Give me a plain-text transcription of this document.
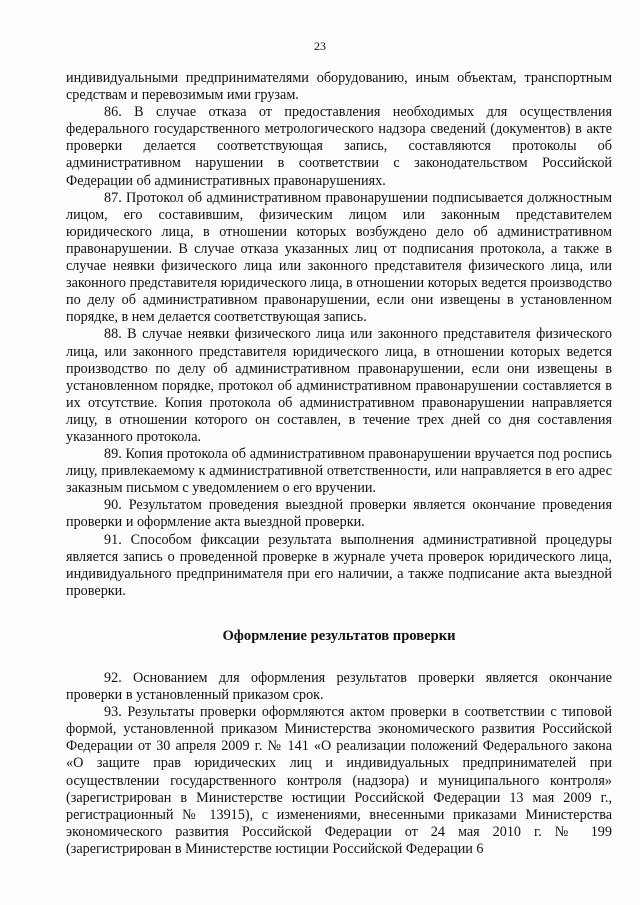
23

индивидуальными предпринимателями оборудованию, иным объектам, транспортным средствам и перевозимым ими грузам.

86. В случае отказа от предоставления необходимых для осуществления федерального государственного метрологического надзора сведений (документов) в акте проверки делается соответствующая запись, составляются протоколы об административном нарушении в соответствии с законодательством Российской Федерации об административных правонарушениях.

87. Протокол об административном правонарушении подписывается должностным лицом, его составившим, физическим лицом или законным представителем юридического лица, в отношении которых возбуждено дело об административном правонарушении. В случае отказа указанных лиц от подписания протокола, а также в случае неявки физического лица или законного представителя физического лица, или законного представителя юридического лица, в отношении которых ведется производство по делу об административном правонарушении, если они извещены в установленном порядке, в нем делается соответствующая запись.

88. В случае неявки физического лица или законного представителя физического лица, или законного представителя юридического лица, в отношении которых ведется производство по делу об административном правонарушении, если они извещены в установленном порядке, протокол об административном правонарушении составляется в их отсутствие. Копия протокола об административном правонарушении направляется лицу, в отношении которого он составлен, в течение трех дней со дня составления указанного протокола.

89. Копия протокола об административном правонарушении вручается под роспись лицу, привлекаемому к административной ответственности, или направляется в его адрес заказным письмом с уведомлением о его вручении.

90. Результатом проведения выездной проверки является окончание проведения проверки и оформление акта выездной проверки.

91. Способом фиксации результата выполнения административной процедуры является запись о проведенной проверке в журнале учета проверок юридического лица, индивидуального предпринимателя при его наличии, а также подписание акта выездной проверки.

Оформление результатов проверки

92. Основанием для оформления результатов проверки является окончание проверки в установленный приказом срок.

93. Результаты проверки оформляются актом проверки в соответствии с типовой формой, установленной приказом Министерства экономического развития Российской Федерации от 30 апреля 2009 г. № 141 «О реализации положений Федерального закона «О защите прав юридических лиц и индивидуальных предпринимателей при осуществлении государственного контроля (надзора) и муниципального контроля» (зарегистрирован в Министерстве юстиции Российской Федерации 13 мая 2009 г., регистрационный № 13915), с изменениями, внесенными приказами Министерства экономического развития Российской Федерации от 24 мая 2010 г. № 199 (зарегистрирован в Министерстве юстиции Российской Федерации 6
